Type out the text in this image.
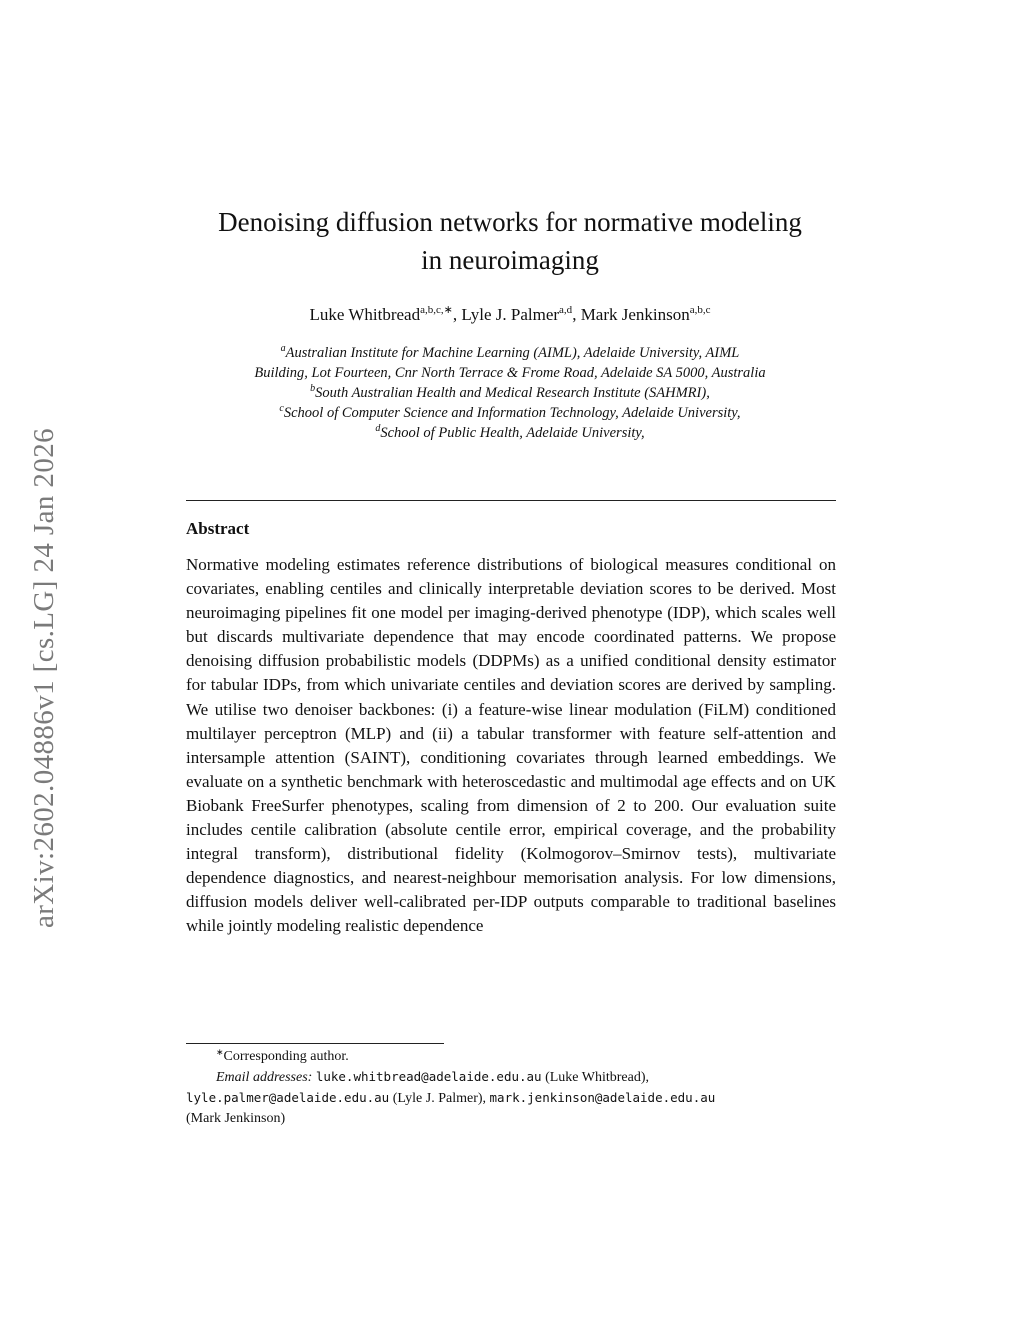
arXiv:2602.04886v1 [cs.LG] 24 Jan 2026
Denoising diffusion networks for normative modeling
in neuroimaging
Luke Whitbread$^{a,b,c,∗}$, Lyle J. Palmer$^{a,d}$, Mark Jenkinson$^{a,b,c}$
$^a$Australian Institute for Machine Learning (AIML), Adelaide University, AIML
Building, Lot Fourteen, Cnr North Terrace & Frome Road, Adelaide SA 5000, Australia
$^b$South Australian Health and Medical Research Institute (SAHMRI),
$^c$School of Computer Science and Information Technology, Adelaide University,
$^d$School of Public Health, Adelaide University,
Abstract
Normative modeling estimates reference distributions of biological measures conditional on covariates, enabling centiles and clinically interpretable deviation scores to be derived. Most neuroimaging pipelines fit one model per imaging-derived phenotype (IDP), which scales well but discards multivariate dependence that may encode coordinated patterns. We propose denoising diffusion probabilistic models (DDPMs) as a unified conditional density estimator for tabular IDPs, from which univariate centiles and deviation scores are derived by sampling. We utilise two denoiser backbones: (i) a feature-wise linear modulation (FiLM) conditioned multilayer perceptron (MLP) and (ii) a tabular transformer with feature self-attention and intersample attention (SAINT), conditioning covariates through learned embeddings. We evaluate on a synthetic benchmark with heteroscedastic and multimodal age effects and on UK Biobank FreeSurfer phenotypes, scaling from dimension of 2 to 200. Our evaluation suite includes centile calibration (absolute centile error, empirical coverage, and the probability integral transform), distributional fidelity (Kolmogorov–Smirnov tests), multivariate dependence diagnostics, and nearest-neighbour memorisation analysis. For low dimensions, diffusion models deliver well-calibrated per-IDP outputs comparable to traditional baselines while jointly modeling realistic dependence
∗Corresponding author.
Email addresses: luke.whitbread@adelaide.edu.au (Luke Whitbread),
lyle.palmer@adelaide.edu.au (Lyle J. Palmer), mark.jenkinson@adelaide.edu.au
(Mark Jenkinson)
